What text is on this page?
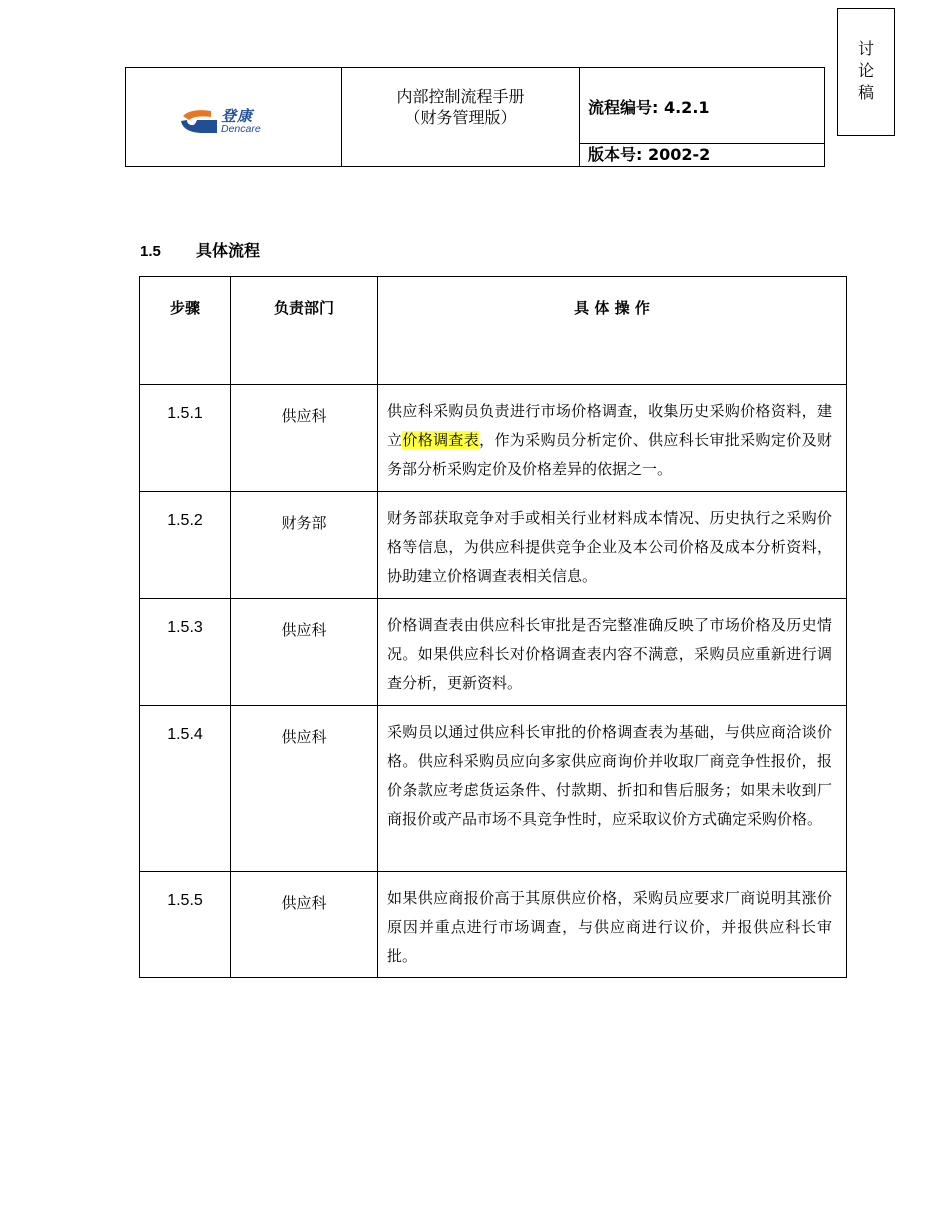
登康
Dencare
内部控制流程手册
（财务管理版）
流程编号: 4.2.1
版本号: 2002-2
讨
论
稿
1.5 具体流程
步骤	负责部门	具 体 操 作
1.5.1	供应科	供应科采购员负责进行市场价格调查，收集历史采购价格资料，建立价格调查表，作为采购员分析定价、供应科长审批采购定价及财务部分析采购定价及价格差异的依据之一。
1.5.2	财务部	财务部获取竞争对手或相关行业材料成本情况、历史执行之采购价格等信息，为供应科提供竞争企业及本公司价格及成本分析资料，协助建立价格调查表相关信息。
1.5.3	供应科	价格调查表由供应科长审批是否完整准确反映了市场价格及历史情况。如果供应科长对价格调查表内容不满意，采购员应重新进行调查分析，更新资料。
1.5.4	供应科	采购员以通过供应科长审批的价格调查表为基础，与供应商洽谈价格。供应科采购员应向多家供应商询价并收取厂商竞争性报价，报价条款应考虑货运条件、付款期、折扣和售后服务；如果未收到厂商报价或产品市场不具竞争性时，应采取议价方式确定采购价格。
1.5.5	供应科	如果供应商报价高于其原供应价格，采购员应要求厂商说明其涨价原因并重点进行市场调查，与供应商进行议价，并报供应科长审批。
